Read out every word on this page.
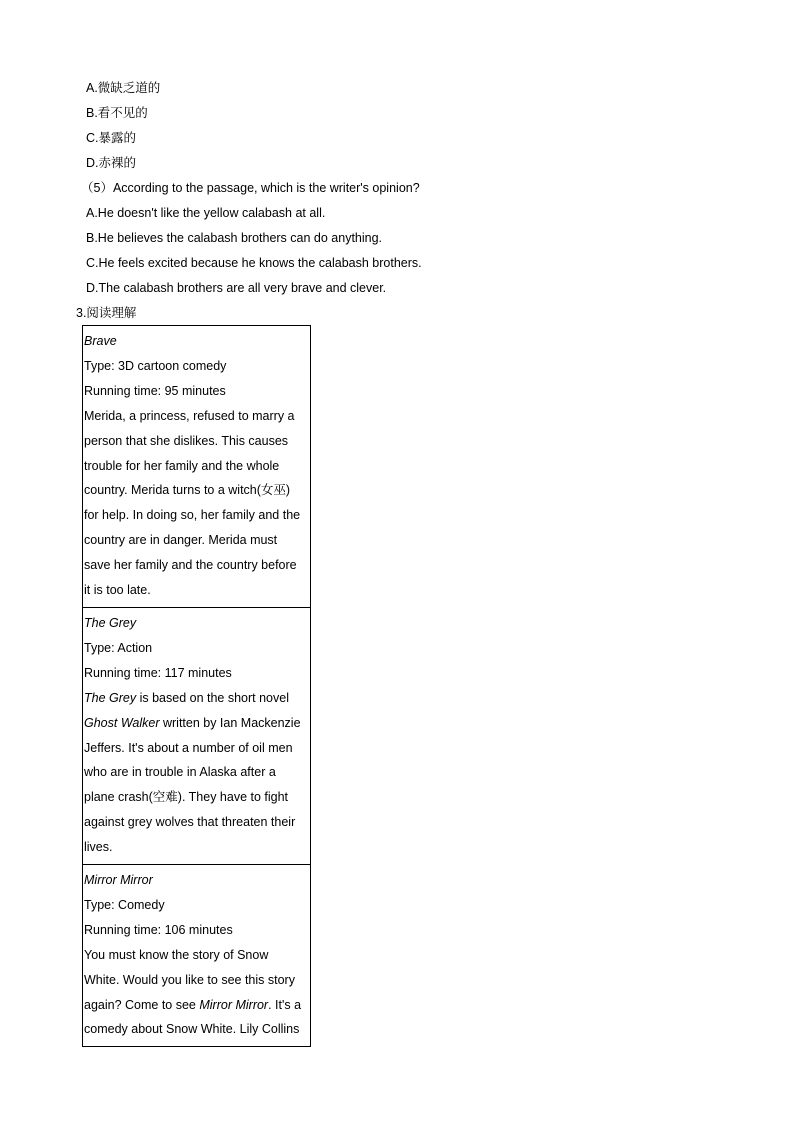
A.微缺乏道的
B.看不见的
C.暴露的
D.赤裸的
（5）According to the passage, which is the writer's opinion?
A.He doesn't like the yellow calabash at all.
B.He believes the calabash brothers can do anything.
C.He feels excited because he knows the calabash brothers.
D.The calabash brothers are all very brave and clever.
3.阅读理解
Brave
Type: 3D cartoon comedy
Running time: 95 minutes
Merida, a princess, refused to marry a
person that she dislikes. This causes
trouble for her family and the whole
country. Merida turns to a witch(女巫)
for help. In doing so, her family and the
country are in danger. Merida must
save her family and the country before
it is too late.

The Grey
Type: Action
Running time: 117 minutes
The Grey is based on the short novel
Ghost Walker written by Ian Mackenzie
Jeffers. It's about a number of oil men
who are in trouble in Alaska after a
plane crash(空难). They have to fight
against grey wolves that threaten their
lives.

Mirror Mirror
Type: Comedy
Running time: 106 minutes
You must know the story of Snow
White. Would you like to see this story
again? Come to see Mirror Mirror. It's a
comedy about Snow White. Lily Collins
